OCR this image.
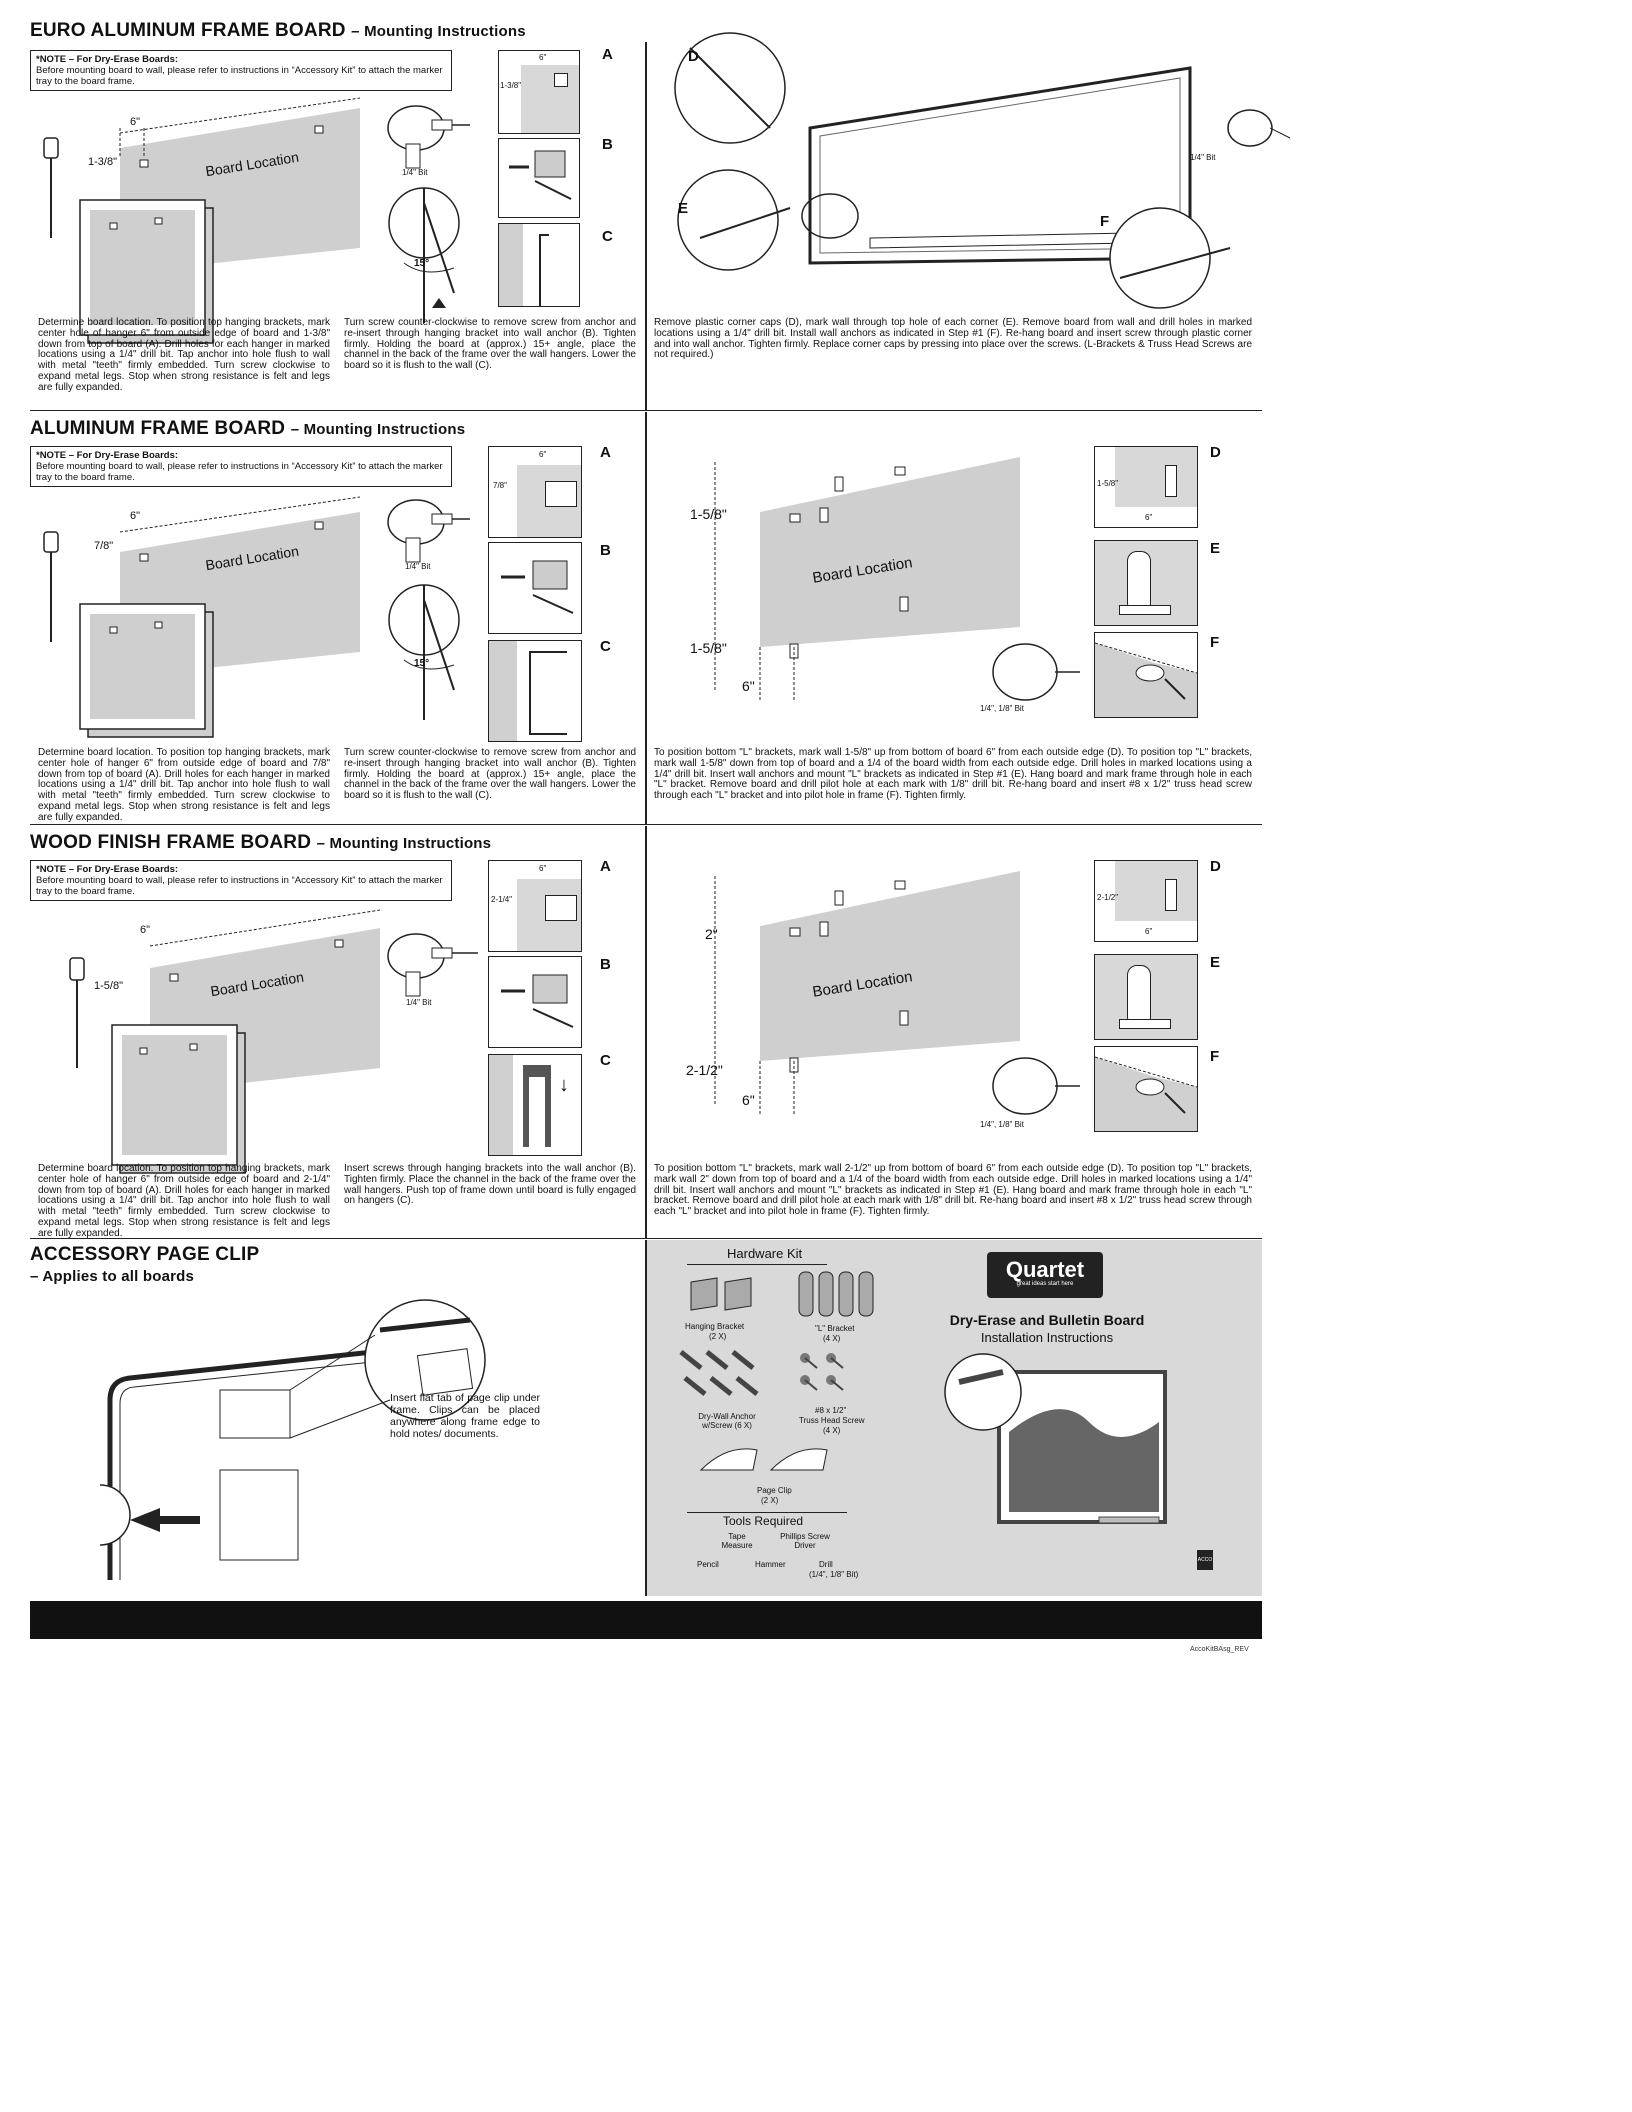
EURO ALUMINUM FRAME BOARD – Mounting Instructions
*NOTE – For Dry-Erase Boards:
Before mounting board to wall, please refer to instructions in “Accessory Kit” to attach the marker tray to the board frame.
6"
1-3/8"	Board Location	1/4" Bit
15°
6"
1-3/8"
A
B
C
Determine board location. To position top hanging brackets, mark center hole of hanger 6" from outside edge of board and 1-3/8" down from top of board (A). Drill holes for each hanger in marked locations using a 1/4" drill bit. Tap anchor into hole flush to wall with metal "teeth" firmly embedded. Turn screw clockwise to expand metal legs. Stop when strong resistance is felt and legs are fully expanded.
Turn screw counter-clockwise to remove screw from anchor and re-insert through hanging bracket into wall anchor (B). Tighten firmly. Holding the board at (approx.) 15+ angle, place the channel in the back of the frame over the wall hangers. Lower the board so it is flush to the wall (C).
D
E
F
1/4" Bit
Remove plastic corner caps (D), mark wall through top hole of each corner (E). Remove board from wall and drill holes in marked locations using a 1/4" drill bit. Install wall anchors as indicated in Step #1 (F). Re-hang board and insert screw through plastic corner and into wall anchor. Tighten firmly. Replace corner caps by pressing into place over the screws. (L-Brackets & Truss Head Screws are not required.)
ALUMINUM FRAME BOARD – Mounting Instructions
*NOTE – For Dry-Erase Boards:
Before mounting board to wall, please refer to instructions in “Accessory Kit” to attach the marker tray to the board frame.
6"
7/8"	Board Location	1/4" Bit
15°
6"
7/8"
A
B
C
Determine board location. To position top hanging brackets, mark center hole of hanger 6" from outside edge of board and 7/8" down from top of board (A). Drill holes for each hanger in marked locations using a 1/4" drill bit. Tap anchor into hole flush to wall with metal "teeth" firmly embedded. Turn screw clockwise to expand metal legs. Stop when strong resistance is felt and legs are fully expanded.
Turn screw counter-clockwise to remove screw from anchor and re-insert through hanging bracket into wall anchor (B). Tighten firmly. Holding the board at (approx.) 15+ angle, place the channel in the back of the frame over the wall hangers. Lower the board so it is flush to the wall (C).
1-5/8"
1-5/8"
6"
Board Location
1/4", 1/8" Bit
1-5/8"
6"
D
E
F
To position bottom "L" brackets, mark wall 1-5/8" up from bottom of board 6" from each outside edge (D). To position top "L" brackets, mark wall 1-5/8" down from top of board and a 1/4 of the board width from each outside edge. Drill holes in marked locations using a 1/4" drill bit. Insert wall anchors and mount "L" brackets as indicated in Step #1 (E). Hang board and mark frame through hole in each "L" bracket. Remove board and drill pilot hole at each mark with 1/8" drill bit. Re-hang board and insert #8 x 1/2" truss head screw through each "L" bracket and into pilot hole in frame (F). Tighten firmly.
WOOD FINISH FRAME BOARD – Mounting Instructions
*NOTE – For Dry-Erase Boards:
Before mounting board to wall, please refer to instructions in “Accessory Kit” to attach the marker tray to the board frame.
6"
1-5/8"	Board Location
1/4" Bit
6"
2-1/4"
A
B
↓
C
Determine board location. To position top hanging brackets, mark center hole of hanger 6" from outside edge of board and 2-1/4" down from top of board (A). Drill holes for each hanger in marked locations using a 1/4" drill bit. Tap anchor into hole flush to wall with metal "teeth" firmly embedded. Turn screw clockwise to expand metal legs. Stop when strong resistance is felt and legs are fully expanded.
Insert screws through hanging brackets into the wall anchor (B). Tighten firmly. Place the channel in the back of the frame over the wall hangers. Push top of frame down until board is fully engaged on hangers (C).
2"
2-1/2"
6"
Board Location
1/4", 1/8" Bit
2-1/2"
6"
D
E
F
To position bottom "L" brackets, mark wall 2-1/2" up from bottom of board 6" from each outside edge (D). To position top "L" brackets, mark wall 2" down from top of board and a 1/4 of the board width from each outside edge. Drill holes in marked locations using a 1/4" drill bit. Insert wall anchors and mount "L" brackets as indicated in Step #1 (E). Hang board and mark frame through hole in each "L" bracket. Remove board and drill pilot hole at each mark with 1/8" drill bit. Re-hang board and insert #8 x 1/2" truss head screw through each "L" bracket and into pilot hole in frame (F). Tighten firmly.
ACCESSORY PAGE CLIP
– Applies to all boards
Insert flat tab of page clip under frame. Clips can be placed anywhere along frame edge to hold notes/ documents.
Hardware Kit
Hanging Bracket
(2 X)
"L" Bracket
(4 X)
Dry-Wall Anchor w/Screw (6 X)
#8 x 1/2"
Truss Head Screw
(4 X)
Page Clip
(2 X)
Tools Required
Tape Measure
Phillips Screw Driver
Pencil	Hammer	Drill
(1/4", 1/8" Bit)
Quartet
great ideas start here
Dry-Erase and Bulletin Board
Installation Instructions
ACCO
AccoKitBAsg_REV
